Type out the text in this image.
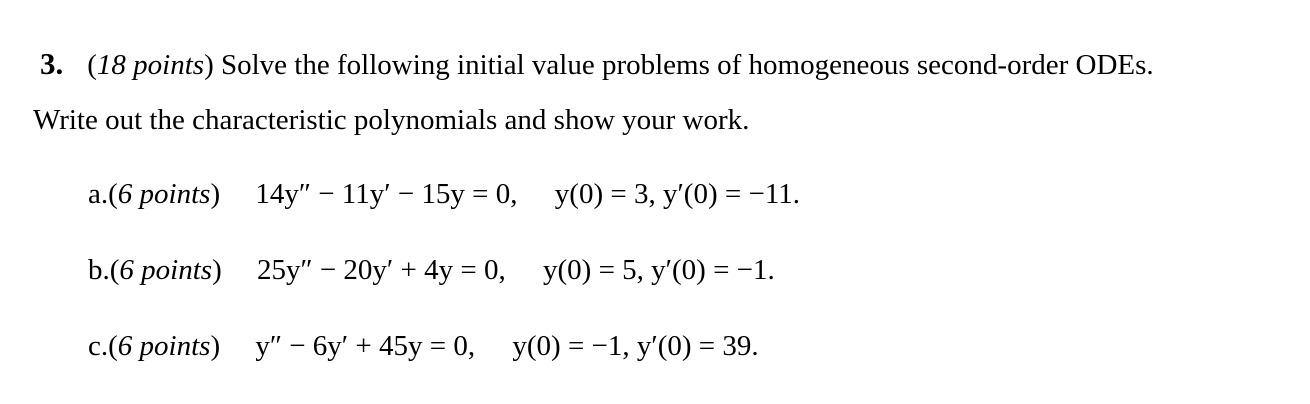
3. (18 points) Solve the following initial value problems of homogeneous second-order ODEs.
Write out the characteristic polynomials and show your work.
a.(6 points) 14y″ − 11y′ − 15y = 0, y(0) = 3, y′(0) = −11.
b.(6 points) 25y″ − 20y′ + 4y = 0, y(0) = 5, y′(0) = −1.
c.(6 points) y″ − 6y′ + 45y = 0, y(0) = −1, y′(0) = 39.
